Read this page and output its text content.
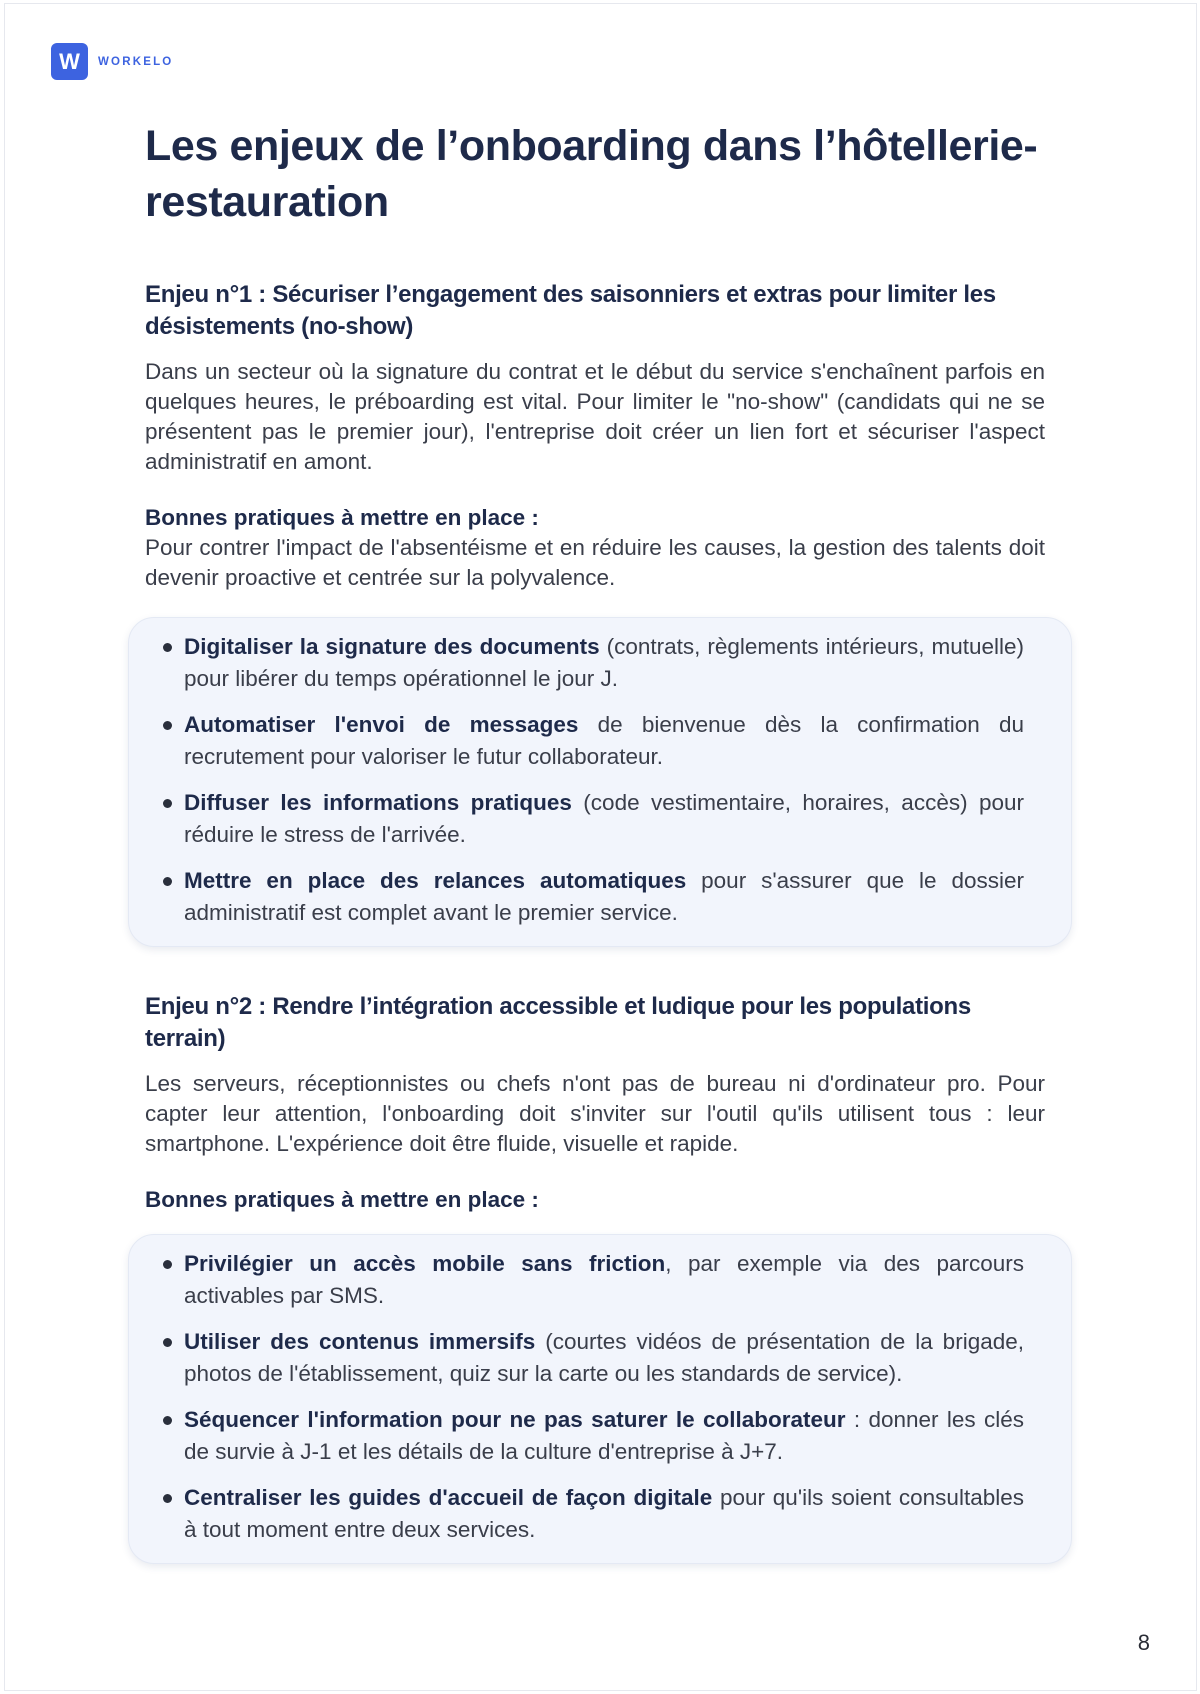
W	WORKELO
Les enjeux de l’onboarding dans l’hôtellerie-restauration
Enjeu n°1 : Sécuriser l’engagement des saisonniers et extras pour limiter les désistements (no-show)

Dans un secteur où la signature du contrat et le début du service s'enchaînent parfois en quelques heures, le préboarding est vital. Pour limiter le "no-show" (candidats qui ne se présentent pas le premier jour), l'entreprise doit créer un lien fort et sécuriser l'aspect administratif en amont.

Bonnes pratiques à mettre en place :

Pour contrer l'impact de l'absentéisme et en réduire les causes, la gestion des talents doit devenir proactive et centrée sur la polyvalence.

Digitaliser la signature des documents (contrats, règlements intérieurs, mutuelle) pour libérer du temps opérationnel le jour J.
Automatiser l'envoi de messages de bienvenue dès la confirmation du recrutement pour valoriser le futur collaborateur.
Diffuser les informations pratiques (code vestimentaire, horaires, accès) pour réduire le stress de l'arrivée.
Mettre en place des relances automatiques pour s'assurer que le dossier administratif est complet avant le premier service.
Enjeu n°2 : Rendre l’intégration accessible et ludique pour les populations terrain)

Les serveurs, réceptionnistes ou chefs n'ont pas de bureau ni d'ordinateur pro. Pour capter leur attention, l'onboarding doit s'inviter sur l'outil qu'ils utilisent tous : leur smartphone. L'expérience doit être fluide, visuelle et rapide.

Bonnes pratiques à mettre en place :

Privilégier un accès mobile sans friction, par exemple via des parcours activables par SMS.
Utiliser des contenus immersifs (courtes vidéos de présentation de la brigade, photos de l'établissement, quiz sur la carte ou les standards de service).
Séquencer l'information pour ne pas saturer le collaborateur : donner les clés de survie à J-1 et les détails de la culture d'entreprise à J+7.
Centraliser les guides d'accueil de façon digitale pour qu'ils soient consultables à tout moment entre deux services.
8
